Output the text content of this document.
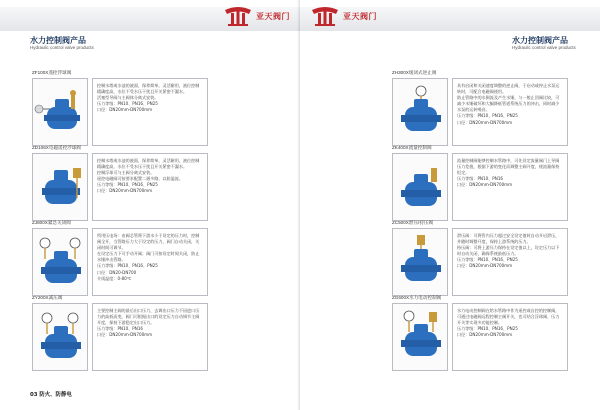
亚天阀门
水力控制阀产品
Hydraulic control valve products
ZF100X遥控浮球阀
控制水塔或水池的液面，保养简单，灵活耐用，液位控制精确度高，水位不受水压干扰且开关紧密不漏水。
活塞型导阀与主阀体分离式安装。
压力等级：PN10、PN16、PN25
口径：DN20mm-DN700mm
ZD106X电磁遥控浮球阀
控制水塔或水池的液面，保养简单，灵活耐用，液位控制精确度高，水位不受水压干扰且开关紧密不漏水。
控制浮球可与主阀分离式安装。
遥控电磁阀可按要求配置二通多路，以防溢流。
压力等级：PN10、PN16、PN25
口径：DN20mm-DN700mm
ZJ800X紧急关闭阀
所用压电场：由阀芯管将下游水小于设定的压力时，控制阀全开，当管路压力大于设定的压力，阀门自动关闭，关闭时间可调节。
在设定压力下可手动开阀；阀门可按设定时间关闭，防止水锤冲击管路。
压力等级：PN10、PN16、PN25
口径：DN20-DN700
介质温度：0-80℃
ZY200X减压阀
主要控制主阀的最后出口压力，去调出口压力不因进口压力的高低而变，阀门可根据出口的设定压力自动调节主阀开度，保持下游稳定出口压力。
压力等级：PN10、PN16
口径：DN20mm-DN700mm
03 防火、防静电
亚天阀门
水力控制阀产品
Hydraulic control valve products
ZH300X缓闭式逆止阀
具有启闭和关闭速度调整的逆止阀，于启动或停止水泵运转时，可配合电磁阀使用。
防止管路中的水倒流及产生水锤，与一般止回阀比较，可减少水锤破坏和大幅降低管道系统压力的冲击，同时减少水泵的运转噪音。
压力等级：PN10、PN16、PN25
口径：DN20mm-DN700mm
ZK400X流量控制阀
流量控制阀能够控制水管路中，可先设定流量阀门上导阀压力差值，根据下游的变化而调整主阀开度，使流量保持恒定。
压力等级：PN10、PN16
口径：DN20mm-DN700mm
ZC500X泄压/持压阀
泄压阀：可将管内压力超过安全设定值时自动开启泄压，并随时调整开度，保持上游系统的压力。
持压阀：可将上游压力保持在设定值以上，设定压力以下时自动关闭，确保系统最低压力。
压力等级：PN10、PN16、PN25
口径：DN20mm-DN700mm
ZG600X水力电动控制阀
水力电动控制阀在给水管路中作为遥控或自控的控制阀，可通过电磁阀远程控制主阀开关，也可结合浮球阀、压力开关等实现多功能控制。
压力等级：PN10、PN16、PN25
口径：DN20mm-DN700mm
